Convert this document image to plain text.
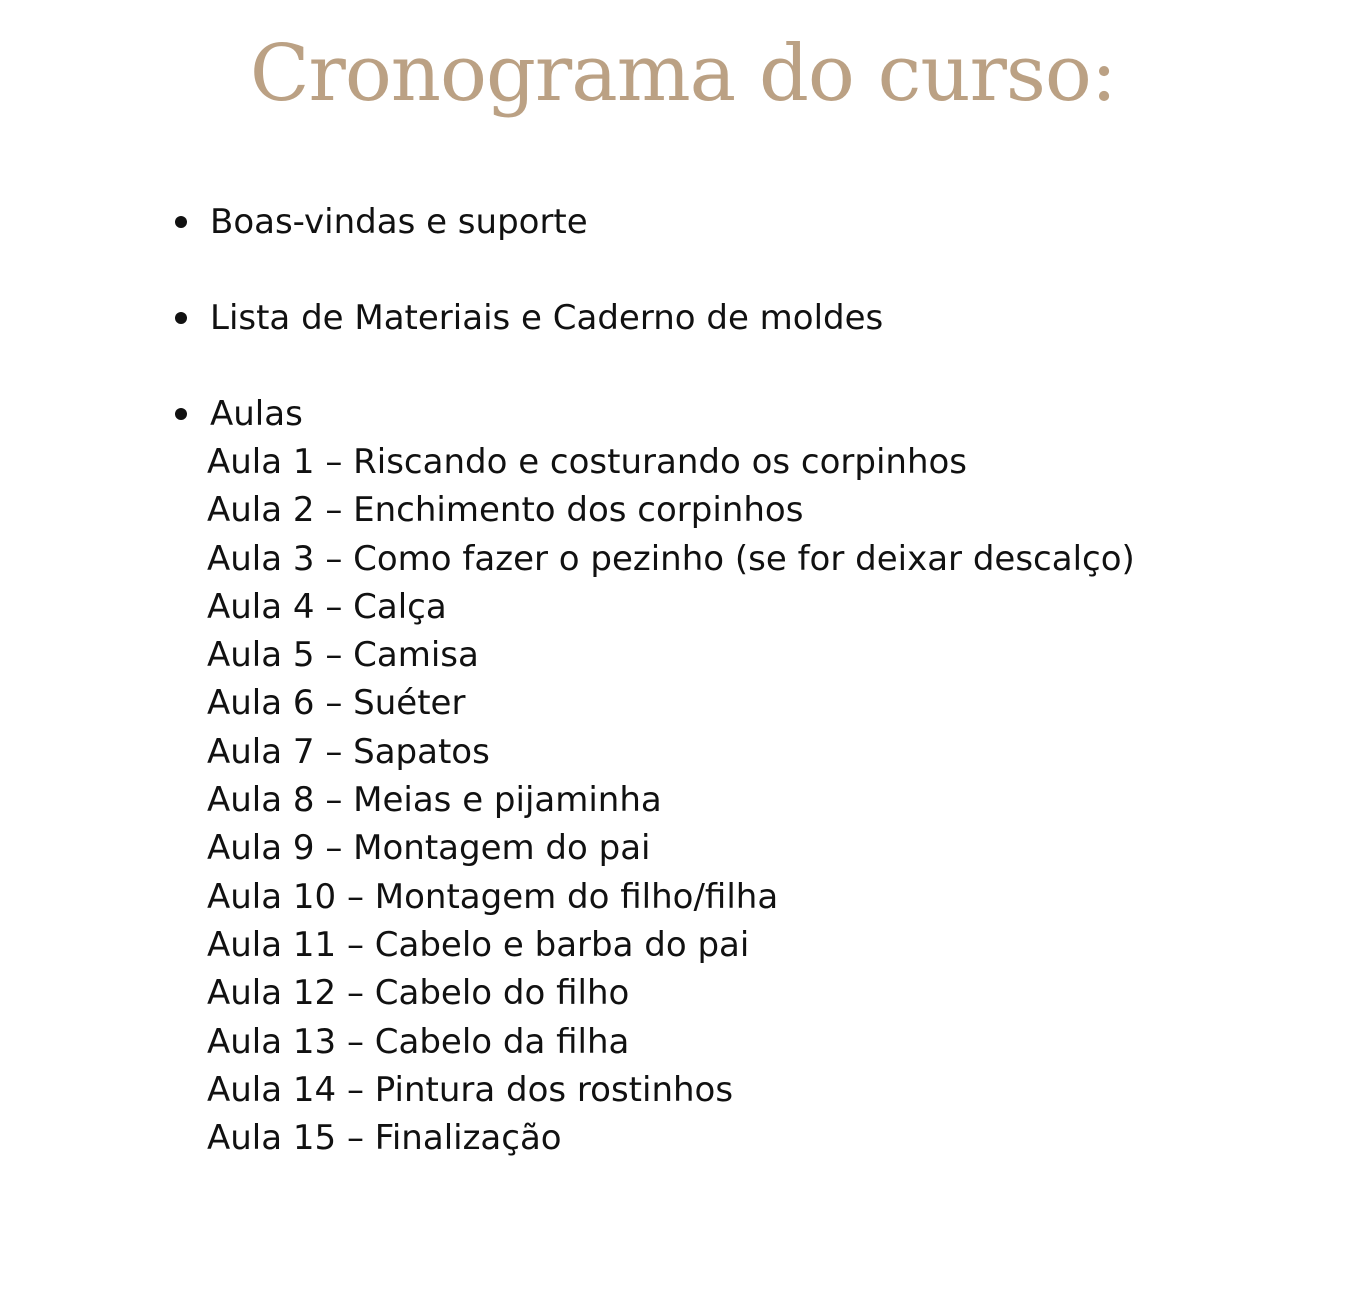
Cronograma do curso:
Boas-vindas e suporte
Lista de Materiais e Caderno de moldes
Aulas
Aula 1 – Riscando e costurando os corpinhos
Aula 2 – Enchimento dos corpinhos
Aula 3 – Como fazer o pezinho (se for deixar descalço)
Aula 4 – Calça
Aula 5 – Camisa
Aula 6 – Suéter
Aula 7 – Sapatos
Aula 8 – Meias e pijaminha
Aula 9 – Montagem do pai
Aula 10 – Montagem do filho/filha
Aula 11 – Cabelo e barba do pai
Aula 12 – Cabelo do filho
Aula 13 – Cabelo da filha
Aula 14 – Pintura dos rostinhos
Aula 15 – Finalização
